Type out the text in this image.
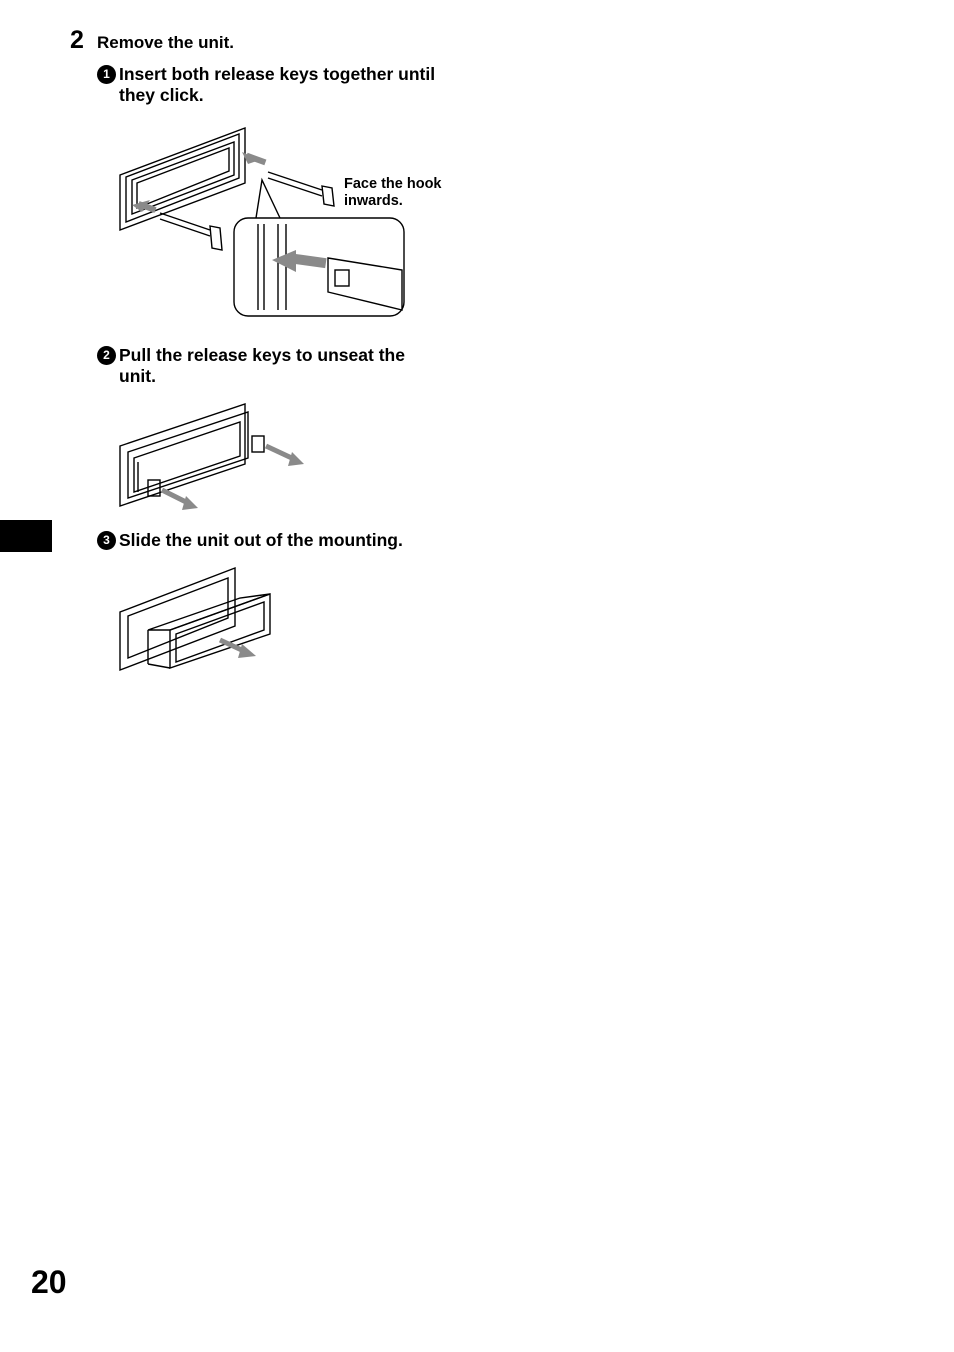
2 Remove the unit.
1 Insert both release keys together until they click.
Face the hook inwards.
2 Pull the release keys to unseat the unit.
3 Slide the unit out of the mounting.
20
